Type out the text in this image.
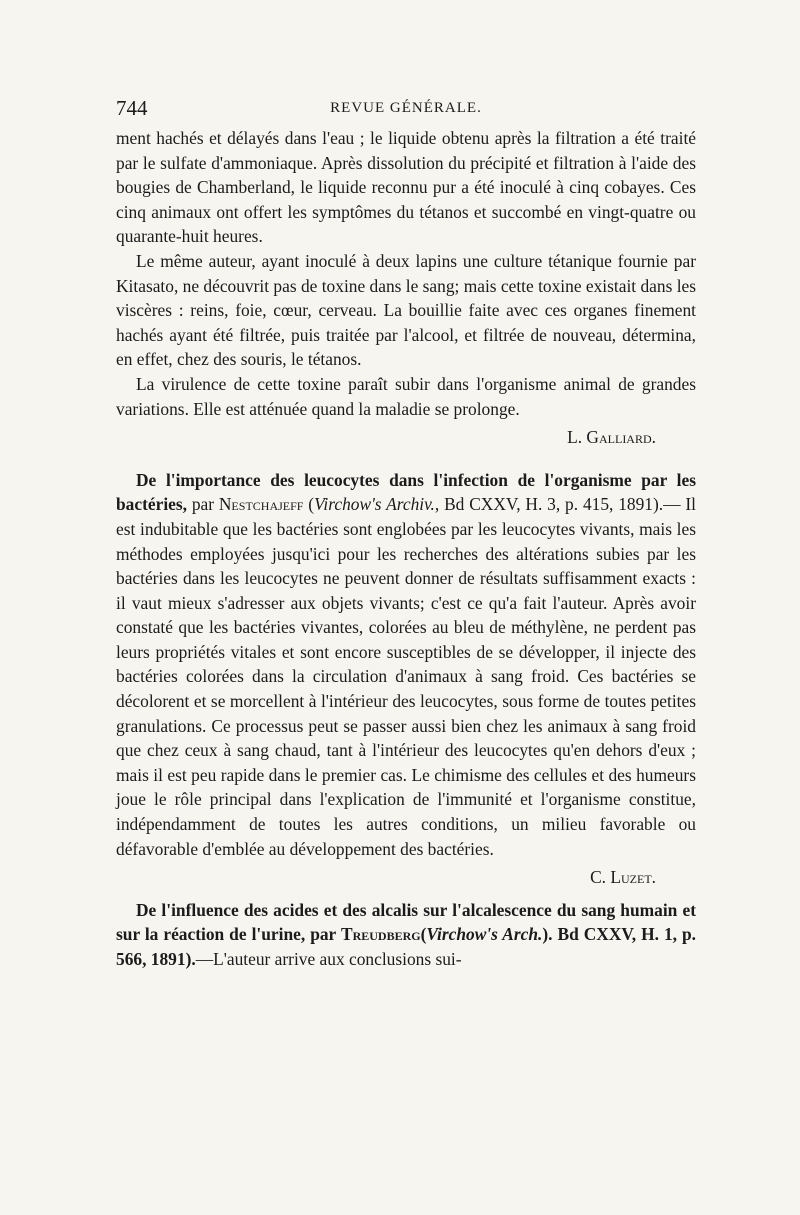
744	REVUE GÉNÉRALE.

ment hachés et délayés dans l'eau ; le liquide obtenu après la filtration a été traité par le sulfate d'ammoniaque. Après dissolution du précipité et filtration à l'aide des bougies de Chamberland, le liquide reconnu pur a été inoculé à cinq cobayes. Ces cinq animaux ont offert les symptômes du tétanos et succombé en vingt-quatre ou quarante-huit heures.

Le même auteur, ayant inoculé à deux lapins une culture tétanique fournie par Kitasato, ne découvrit pas de toxine dans le sang; mais cette toxine existait dans les viscères : reins, foie, cœur, cerveau. La bouillie faite avec ces organes finement hachés ayant été filtrée, puis traitée par l'alcool, et filtrée de nouveau, détermina, en effet, chez des souris, le tétanos.

La virulence de cette toxine paraît subir dans l'organisme animal de grandes variations. Elle est atténuée quand la maladie se prolonge.

L. Galliard.

De l'importance des leucocytes dans l'infection de l'organisme par les bactéries, par Nestchajeff (Virchow's Archiv., Bd CXXV, H. 3, p. 415, 1891).— Il est indubitable que les bactéries sont englobées par les leucocytes vivants, mais les méthodes employées jusqu'ici pour les recherches des altérations subies par les bactéries dans les leucocytes ne peuvent donner de résultats suffisamment exacts : il vaut mieux s'adresser aux objets vivants; c'est ce qu'a fait l'auteur. Après avoir constaté que les bactéries vivantes, colorées au bleu de méthylène, ne perdent pas leurs propriétés vitales et sont encore susceptibles de se développer, il injecte des bactéries colorées dans la circulation d'animaux à sang froid. Ces bactéries se décolorent et se morcellent à l'intérieur des leucocytes, sous forme de toutes petites granulations. Ce processus peut se passer aussi bien chez les animaux à sang froid que chez ceux à sang chaud, tant à l'intérieur des leucocytes qu'en dehors d'eux ; mais il est peu rapide dans le premier cas. Le chimisme des cellules et des humeurs joue le rôle principal dans l'explication de l'immunité et l'organisme constitue, indépendamment de toutes les autres conditions, un milieu favorable ou défavorable d'emblée au développement des bactéries.

C. Luzet.

De l'influence des acides et des alcalis sur l'alcalescence du sang humain et sur la réaction de l'urine, par Treudberg(Virchow's Arch.). Bd CXXV, H. 1, p. 566, 1891).—L'auteur arrive aux conclusions sui-
